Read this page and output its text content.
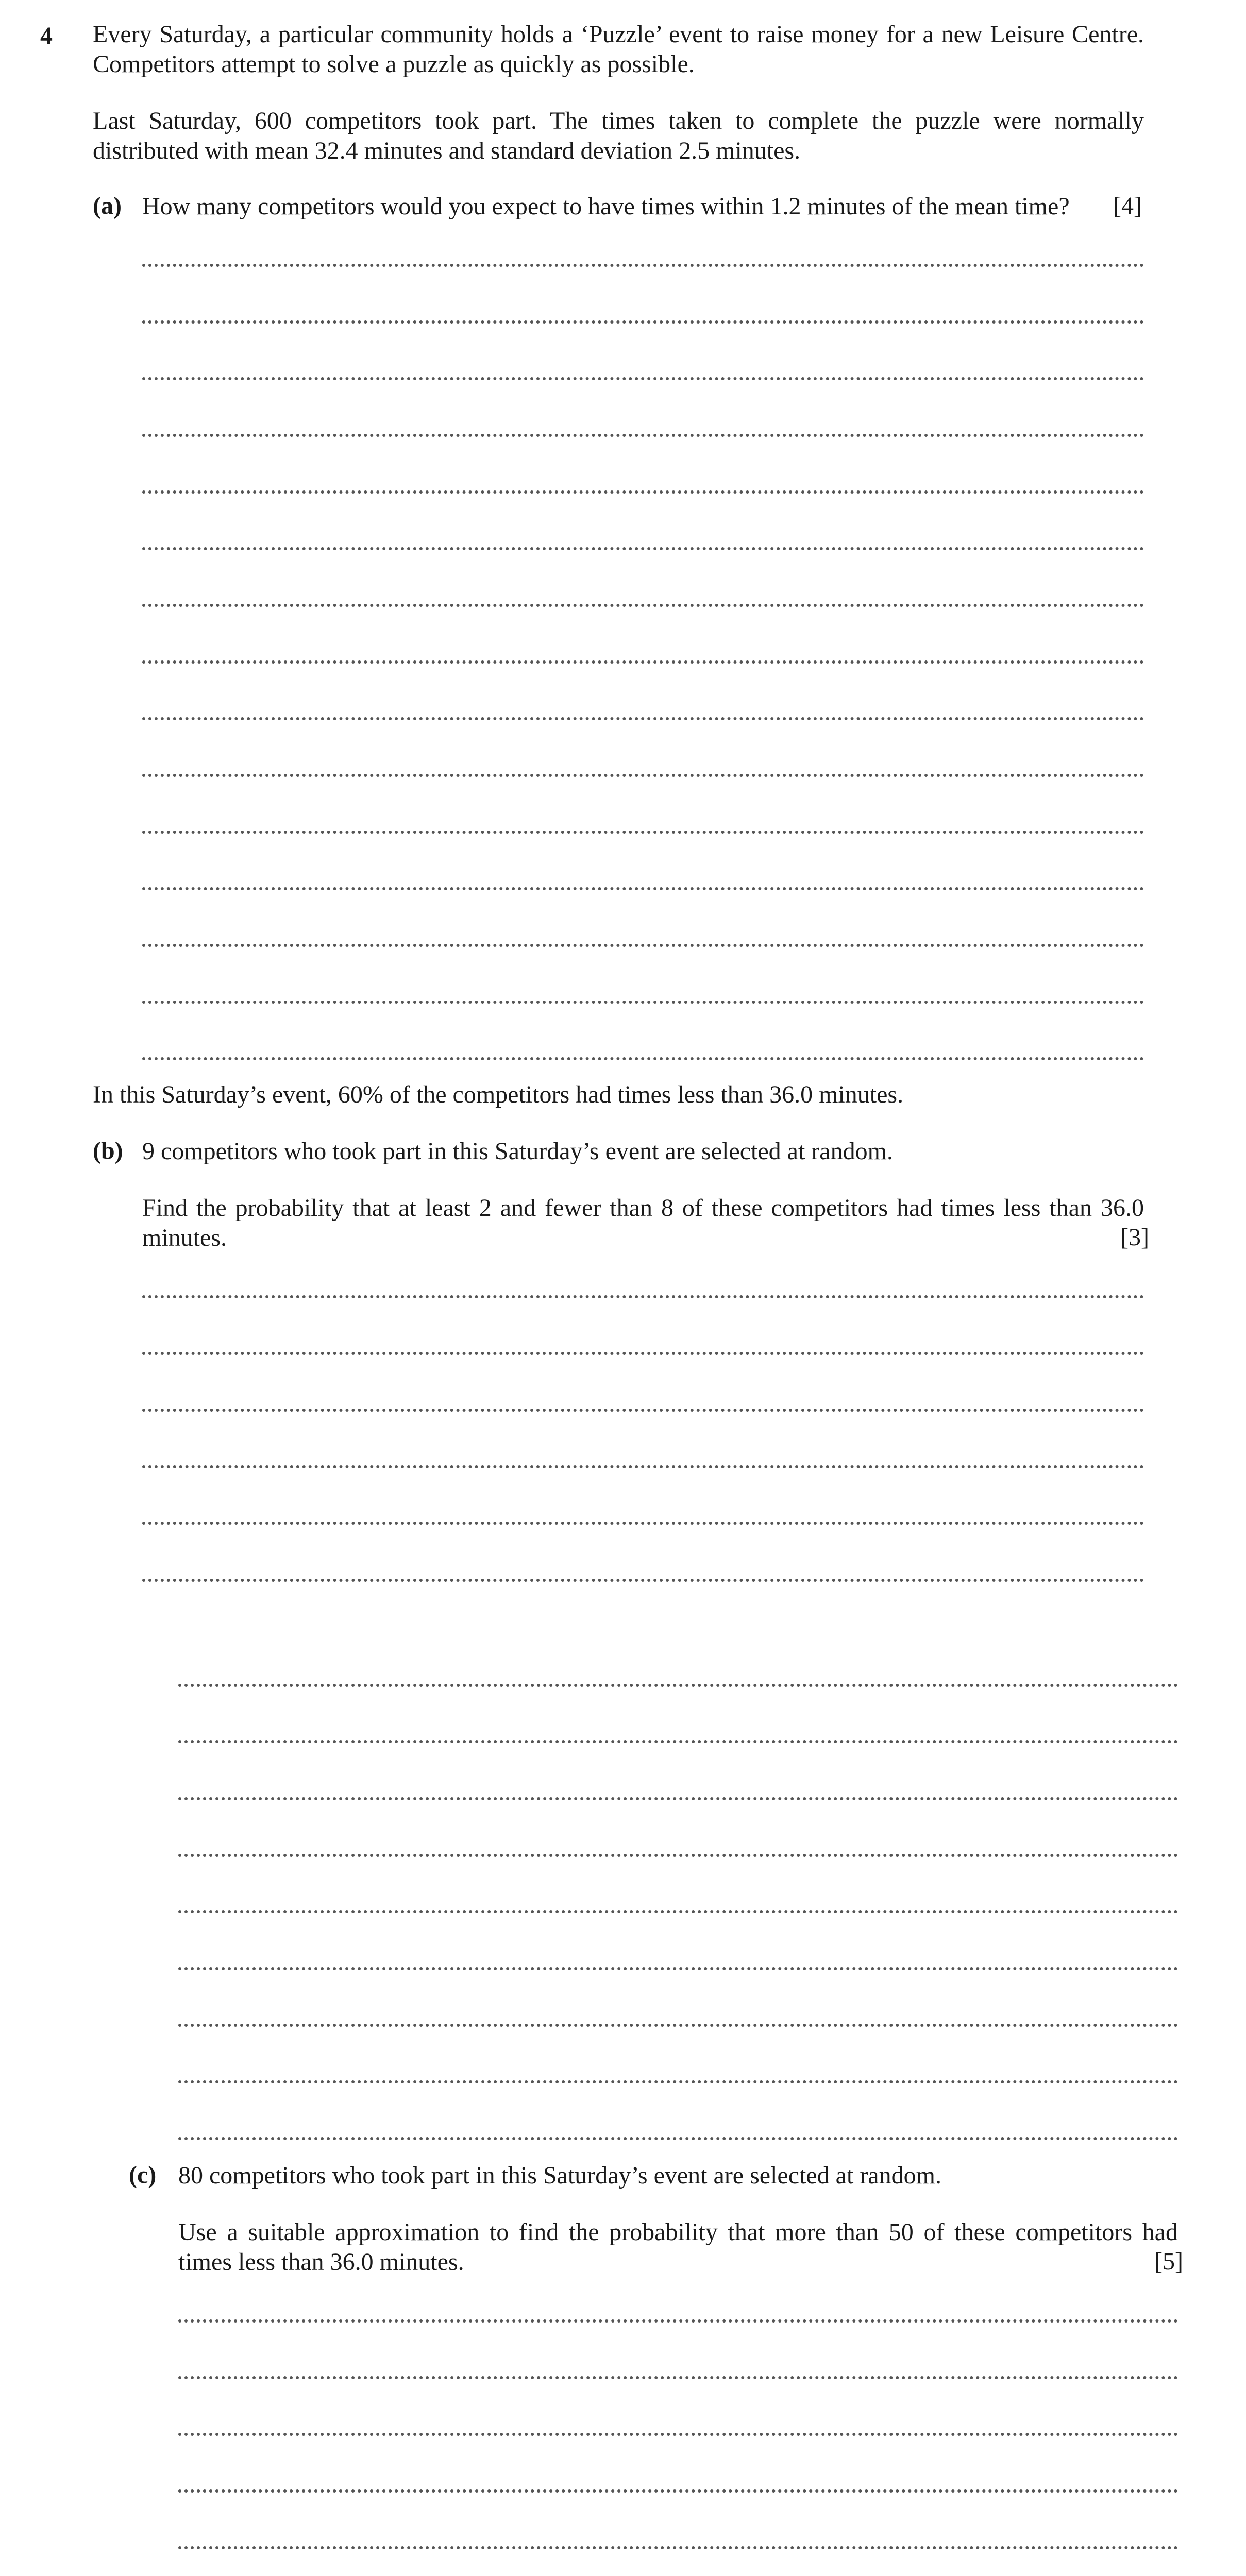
4 Every Saturday, a particular community holds a ‘Puzzle’ event to raise money for a new Leisure Centre. Competitors attempt to solve a puzzle as quickly as possible.
Last Saturday, 600 competitors took part. The times taken to complete the puzzle were normally distributed with mean 32.4 minutes and standard deviation 2.5 minutes.
(a) How many competitors would you expect to have times within 1.2 minutes of the mean time?	[4]
In this Saturday’s event, 60% of the competitors had times less than 36.0 minutes.
(b) 9 competitors who took part in this Saturday’s event are selected at random.
Find the probability that at least 2 and fewer than 8 of these competitors had times less than 36.0 minutes.	[3]
(c) 80 competitors who took part in this Saturday’s event are selected at random.
Use a suitable approximation to find the probability that more than 50 of these competitors had times less than 36.0 minutes.	[5]
